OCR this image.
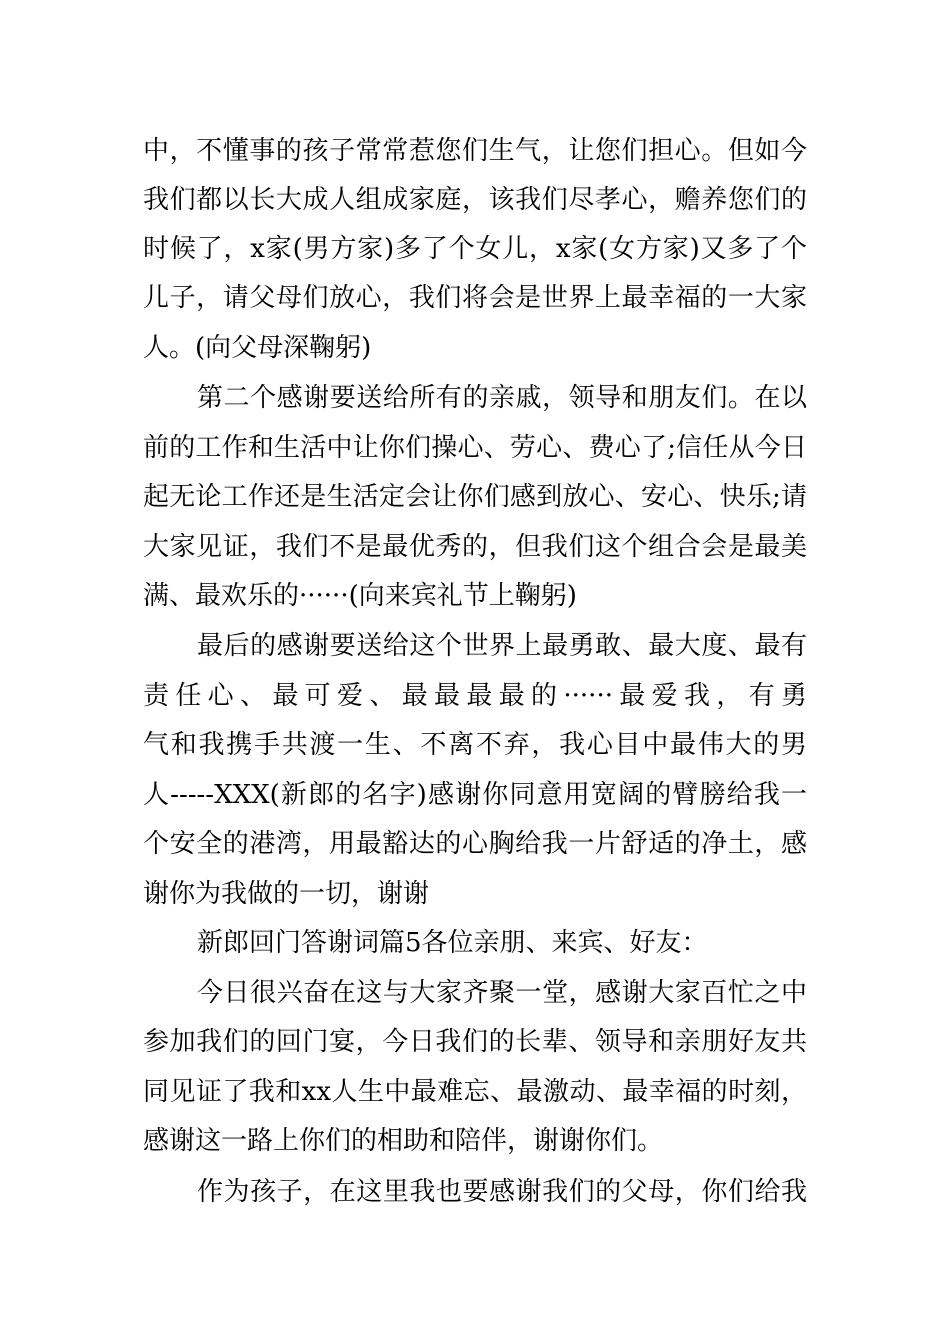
中，不懂事的孩子常常惹您们生气，让您们担心。但如今
我们都以长大成人组成家庭，该我们尽孝心，赡养您们的
时候了，x家(男方家)多了个女儿，x家(女方家)又多了个
儿子，请父母们放心，我们将会是世界上最幸福的一大家
人。(向父母深鞠躬)
第二个感谢要送给所有的亲戚，领导和朋友们。在以
前的工作和生活中让你们操心、劳心、费心了;信任从今日
起无论工作还是生活定会让你们感到放心、安心、快乐;请
大家见证，我们不是最优秀的，但我们这个组合会是最美
满、最欢乐的······(向来宾礼节上鞠躬)
最后的感谢要送给这个世界上最勇敢、最大度、最有
责任心、最可爱、最最最最的······最爱我，有勇
气和我携手共渡一生、不离不弃，我心目中最伟大的男
人-----XXX(新郎的名字)感谢你同意用宽阔的臂膀给我一
个安全的港湾，用最豁达的心胸给我一片舒适的净土，感
谢你为我做的一切，谢谢
新郎回门答谢词篇5各位亲朋、来宾、好友：
今日很兴奋在这与大家齐聚一堂，感谢大家百忙之中
参加我们的回门宴，今日我们的长辈、领导和亲朋好友共
同见证了我和xx人生中最难忘、最激动、最幸福的时刻，
感谢这一路上你们的相助和陪伴，谢谢你们。
作为孩子，在这里我也要感谢我们的父母，你们给我
